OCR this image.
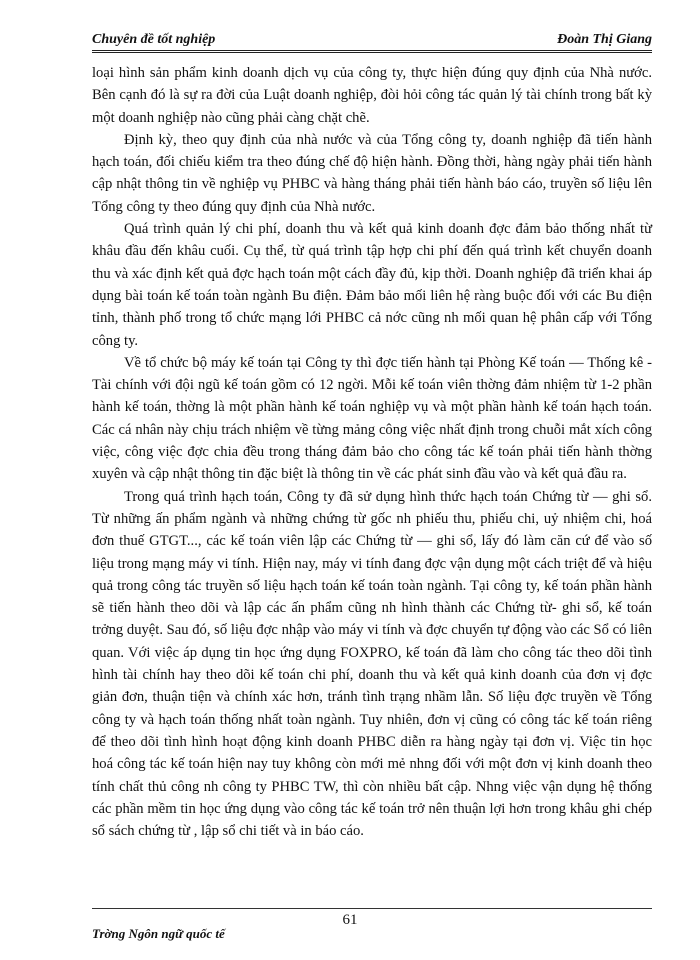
Chuyên đề tốt nghiệp	Đoàn Thị Giang

loại hình sản phẩm kinh doanh dịch vụ của công ty, thực hiện đúng quy định của Nhà nước. Bên cạnh đó là sự ra đời của Luật doanh nghiệp, đòi hỏi công tác quản lý tài chính trong bất kỳ một doanh nghiệp nào cũng phải càng chặt chẽ.

Định kỳ, theo quy định của nhà nước và của Tổng công ty, doanh nghiệp đã tiến hành hạch toán, đối chiếu kiểm tra theo đúng chế độ hiện hành. Đồng thời, hàng ngày phải tiến hành cập nhật thông tin về nghiệp vụ PHBC và hàng tháng phải tiến hành báo cáo, truyền số liệu lên Tổng công ty theo đúng quy định của Nhà nước.

Quá trình quản lý chi phí, doanh thu và kết quả kinh doanh đợc đảm bảo thống nhất từ khâu đầu đến khâu cuối. Cụ thể, từ quá trình tập hợp chi phí đến quá trình kết chuyển doanh thu và xác định kết quả đợc hạch toán một cách đầy đủ, kịp thời. Doanh nghiệp đã triển khai áp dụng bài toán kế toán toàn ngành Bu điện. Đảm bảo mối liên hệ ràng buộc đối với các Bu điện tỉnh, thành phố trong tổ chức mạng lới PHBC cả nớc cũng nh mối quan hệ phân cấp với Tổng công ty.

Về tổ chức bộ máy kế toán tại Công ty thì đợc tiến hành tại Phòng Kế toán — Thống kê - Tài chính với đội ngũ kế toán gồm có 12 ngời. Mỗi kế toán viên thờng đảm nhiệm từ 1-2 phần hành kế toán, thờng là một phần hành kế toán nghiệp vụ và một phần hành kế toán hạch toán. Các cá nhân này chịu trách nhiệm về từng mảng công việc nhất định trong chuỗi mắt xích công việc, công việc đợc chia đều trong tháng đảm bảo cho công tác kế toán phải tiến hành thờng xuyên và cập nhật thông tin đặc biệt là thông tin về các phát sinh đầu vào và kết quả đầu ra.

Trong quá trình hạch toán, Công ty đã sử dụng hình thức hạch toán Chứng từ — ghi sổ. Từ những ấn phẩm ngành và những chứng từ gốc nh phiếu thu, phiếu chi, uỷ nhiệm chi, hoá đơn thuế GTGT..., các kế toán viên lập các Chứng từ — ghi sổ, lấy đó làm căn cứ để vào số liệu trong mạng máy vi tính. Hiện nay, máy vi tính đang đợc vận dụng một cách triệt để và hiệu quả trong công tác truyền số liệu hạch toán kế toán toàn ngành. Tại công ty, kế toán phần hành sẽ tiến hành theo dõi và lập các ấn phẩm cũng nh hình thành các Chứng từ- ghi sổ, kế toán trởng duyệt. Sau đó, số liệu đợc nhập vào máy vi tính và đợc chuyển tự động vào các Sổ có liên quan. Với việc áp dụng tin học ứng dụng FOXPRO, kế toán đã làm cho công tác theo dõi tình hình tài chính hay theo dõi kế toán chi phí, doanh thu và kết quả kinh doanh của đơn vị đợc giản đơn, thuận tiện và chính xác hơn, tránh tình trạng nhầm lẫn. Số liệu đợc truyền về Tổng công ty và hạch toán thống nhất toàn ngành. Tuy nhiên, đơn vị cũng có công tác kế toán riêng để theo dõi tình hình hoạt động kinh doanh PHBC diễn ra hàng ngày tại đơn vị. Việc tin học hoá công tác kế toán hiện nay tuy không còn mới mẻ nhng đối với một đơn vị kinh doanh theo tính chất thủ công nh công ty PHBC TW, thì còn nhiều bất cập. Nhng việc vận dụng hệ thống các phần mềm tin học ứng dụng vào công tác kế toán trở nên thuận lợi hơn trong khâu ghi chép sổ sách chứng từ , lập sổ chi tiết và in báo cáo.

61
Trờng Ngôn ngữ quốc tế
